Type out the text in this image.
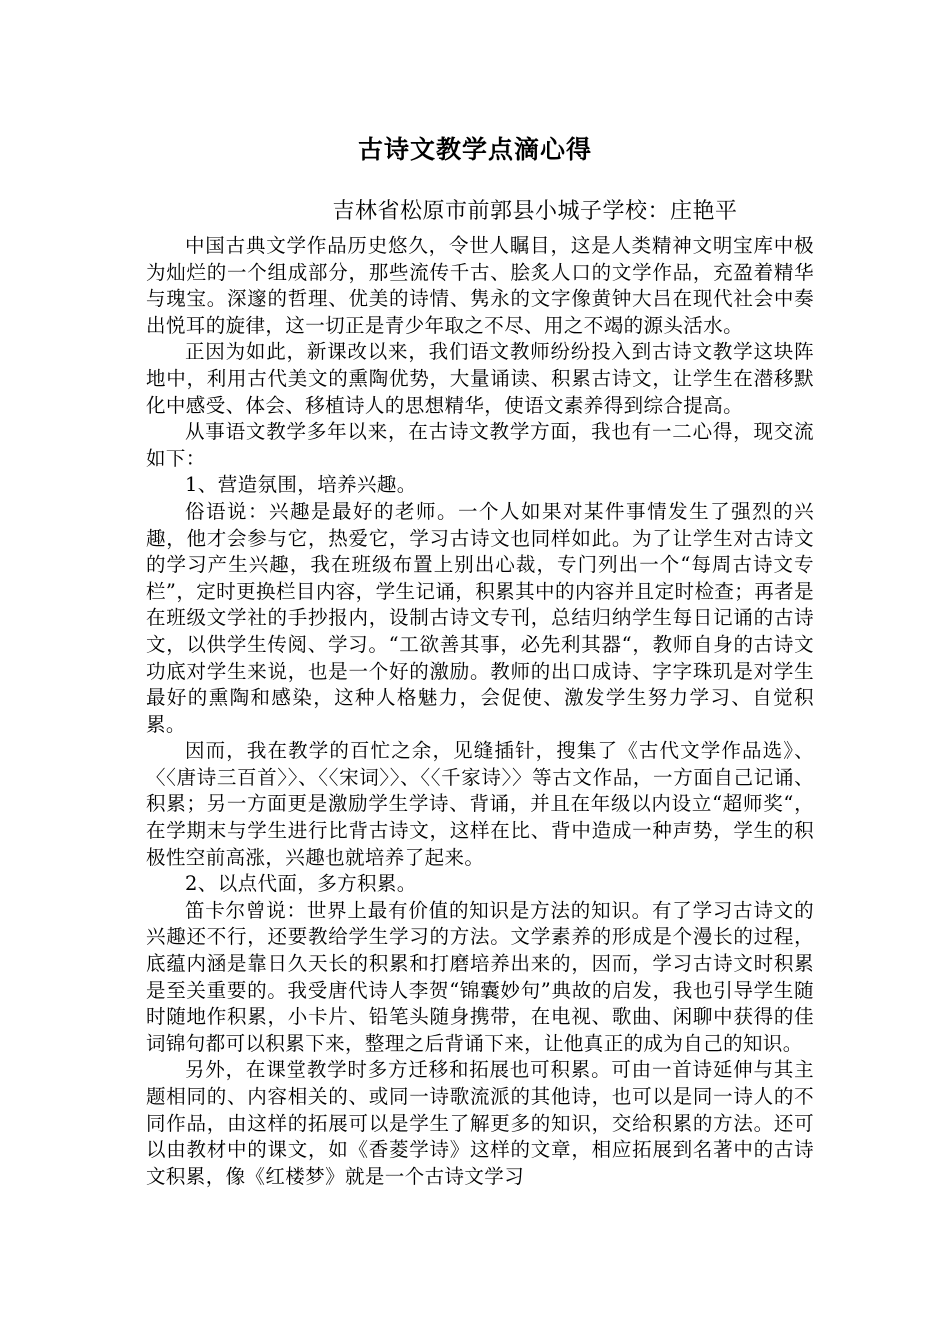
古诗文教学点滴心得
吉林省松原市前郭县小城子学校：庄艳平

中国古典文学作品历史悠久，令世人瞩目，这是人类精神文明宝库中极为灿烂的一个组成部分，那些流传千古、脍炙人口的文学作品，充盈着精华与瑰宝。深邃的哲理、优美的诗情、隽永的文字像黄钟大吕在现代社会中奏出悦耳的旋律，这一切正是青少年取之不尽、用之不竭的源头活水。

正因为如此，新课改以来，我们语文教师纷纷投入到古诗文教学这块阵地中，利用古代美文的熏陶优势，大量诵读、积累古诗文，让学生在潜移默化中感受、体会、移植诗人的思想精华，使语文素养得到综合提高。

从事语文教学多年以来，在古诗文教学方面，我也有一二心得，现交流如下：

1、营造氛围，培养兴趣。

俗语说：兴趣是最好的老师。一个人如果对某件事情发生了强烈的兴趣，他才会参与它，热爱它，学习古诗文也同样如此。为了让学生对古诗文的学习产生兴趣，我在班级布置上别出心裁，专门列出一个“每周古诗文专栏”，定时更换栏目内容，学生记诵，积累其中的内容并且定时检查；再者是在班级文学社的手抄报内，设制古诗文专刊，总结归纳学生每日记诵的古诗文，以供学生传阅、学习。“工欲善其事，必先利其器“，教师自身的古诗文功底对学生来说，也是一个好的激励。教师的出口成诗、字字珠玑是对学生最好的熏陶和感染，这种人格魅力，会促使、激发学生努力学习、自觉积累。

因而，我在教学的百忙之余，见缝插针，搜集了《古代文学作品选》、〈〈唐诗三百首〉〉、〈〈宋词〉〉、〈〈千家诗〉〉等古文作品，一方面自己记诵、积累；另一方面更是激励学生学诗、背诵，并且在年级以内设立“超师奖“，在学期末与学生进行比背古诗文，这样在比、背中造成一种声势，学生的积极性空前高涨，兴趣也就培养了起来。

2、以点代面，多方积累。

笛卡尔曾说：世界上最有价值的知识是方法的知识。有了学习古诗文的兴趣还不行，还要教给学生学习的方法。文学素养的形成是个漫长的过程，底蕴内涵是靠日久天长的积累和打磨培养出来的，因而，学习古诗文时积累是至关重要的。我受唐代诗人李贺“锦囊妙句”典故的启发，我也引导学生随时随地作积累，小卡片、铅笔头随身携带，在电视、歌曲、闲聊中获得的佳词锦句都可以积累下来，整理之后背诵下来，让他真正的成为自己的知识。

另外，在课堂教学时多方迁移和拓展也可积累。可由一首诗延伸与其主题相同的、内容相关的、或同一诗歌流派的其他诗，也可以是同一诗人的不同作品，由这样的拓展可以是学生了解更多的知识，交给积累的方法。还可以由教材中的课文，如《香菱学诗》这样的文章，相应拓展到名著中的古诗文积累，像《红楼梦》就是一个古诗文学习
